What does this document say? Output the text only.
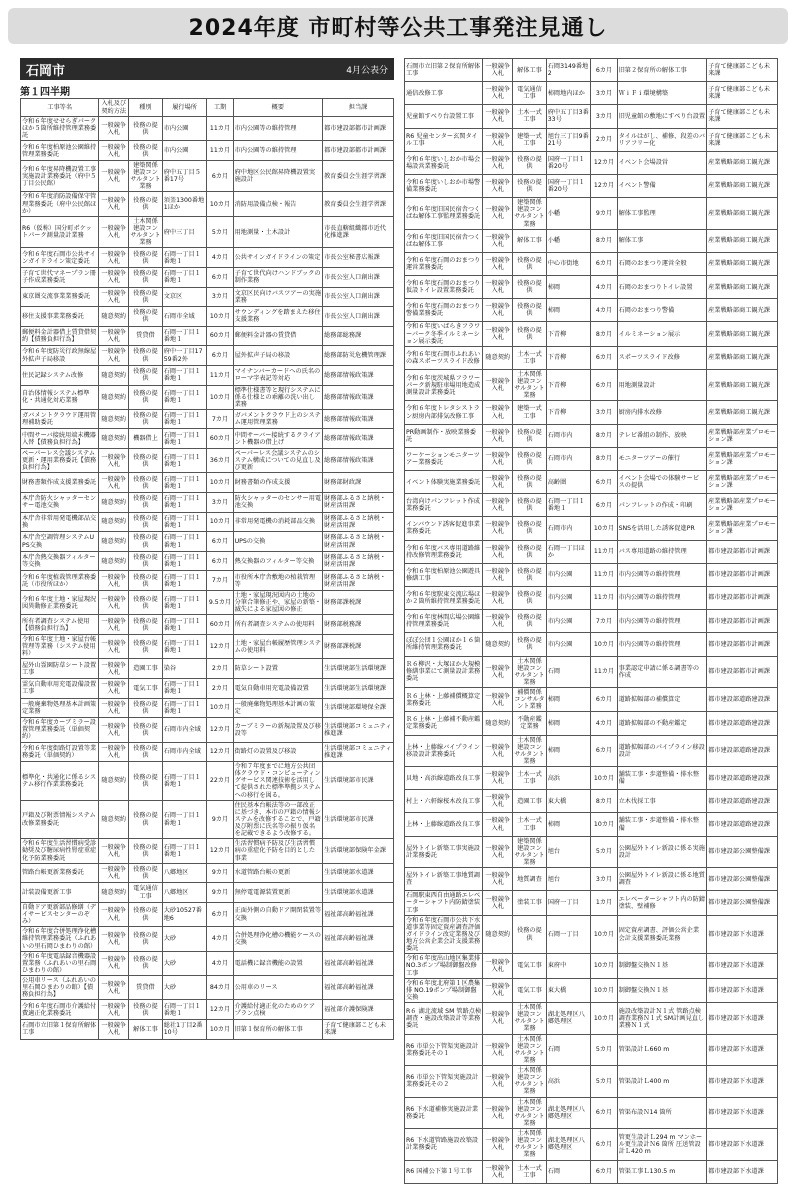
2024年度 市町村等公共工事発注見通し
石岡市	4月公表分
第１四半期
工事等名	入札及び契約方法	種別	履行場所	工期	概要	担当課
令和６年度せせらぎパークほか５箇所維持管理業務委託	一般競争入札	役務の提供	市内公園	11カ月	市内公園等の維持管理	都市建設部都市計画課
令和６年度柏原池公園維持管理業務委託	一般競争入札	役務の提供	市内公園	11カ月	市内公園等の維持管理	都市建設部都市計画課
令和６年度昇降機設置工事実施設計業務委託（府中５丁目公民館）	一般競争入札	建築関係建設コンサルタント業務	府中五丁目５番17号	6カ月	府中地区公民館昇降機設置実施設計	教育委員会生涯学習課
令和６年度消防設備保守管理業務委託（府中公民館ほか）	一般競争入札	役務の提供	須釜1300番地1ほか	10カ月	消防用設備点検・報告	教育委員会生涯学習課
R6（仮称）国分町ポケットパーク測量設計業務	一般競争入札	土木関係建設コンサルタント業務	府中三丁目	5カ月	用地測量・土木設計	市長直轄組織都市近代化推進課
令和６年度石岡市公共サインガイドライン策定委託	一般競争入札	役務の提供	石岡一丁目１番地１	4カ月	公共サインガイドラインの策定	市長公室秘書広報課
子育て世代マネープラン冊子作成業務委託	一般競争入札	役務の提供	石岡一丁目１番地１	6カ月	子育て世代向けハンドブックの制作業務	市長公室人口創出課
東京圏交流事業業務委託	一般競争入札	役務の提供	文京区	3カ月	文京区民向けバスツアーの実施業務	市長公室人口創出課
移住支援事業業務委託	随意契約	役務の提供	石岡市全域	10カ月	サウンディングを踏まえた移住支援業務	市長公室人口創出課
郵便料金計器借上賃貸借契約【債務負担行為】	一般競争入札	賃貸借	石岡一丁目１番地１	60カ月	郵便料金計器の賃貸借	総務部総務課
令和６年度防災行政無線屋外拡声子局移設	一般競争入札	役務の提供	府中一丁目1759番2外	6カ月	屋外拡声子局の移設	総務部防災危機管理課
住民記録システム改修	随意契約	役務の提供	石岡一丁目１番地１	11カ月	マイナンバーカードへの氏名のローマ字表記等対応	総務部情報政策課
自治体情報システム標準化・共通化対応業務	随意契約	役務の提供	石岡一丁目１番地１	10カ月	標準仕様書等と現行システムに係る仕様との乖離の洗い出し業務	総務部情報政策課
ガバメントクラウド運用管理補助委託	随意契約	役務の提供	石岡一丁目１番地１	7カ月	ガバメントクラウド上のシステム運用管理業務	総務部情報政策課
中間サーバ接続用端末機器入替【債務負担行為】	随意契約	機器借上	石岡一丁目１番地１	60カ月	中間サーバー接続するクライアント機器の借上げ	総務部情報政策課
ペーパーレス会議システム更新・運用業務委託【債務負担行為】	一般競争入札	役務の提供	石岡一丁目１番地１	36カ月	ペーパーレス会議システムのシステム構成についての見直し及び更新	総務部情報政策課
財務書類作成支援業務委託	一般競争入札	役務の提供	石岡一丁目１番地１	10カ月	財務書類の作成支援	財務部財政課
本庁舎防火シャッターセンサー電池交換	随意契約	役務の提供	石岡一丁目１番地１	3カ月	防火シャッターのセンサー用電池交換	財務部ふるさと納税・財産活用課
本庁舎非常用発電機部品交換	随意契約	役務の提供	石岡一丁目１番地１	10カ月	非常用発電機の消耗部品交換	財務部ふるさと納税・財産活用課
本庁舎空調管理システムUPS交換	随意契約	役務の提供	石岡一丁目１番地１	6カ月	UPSの交換	財務部ふるさと納税・財産活用課
本庁舎熱交換器フィルター等交換	随意契約	役務の提供	石岡一丁目１番地１	6カ月	熱交換器のフィルター等交換	財務部ふるさと納税・財産活用課
令和６年度植栽管理業務委託（市役所ほか）	一般競争入札	役務の提供	石岡一丁目１番地１	7カ月	市役所本庁舎敷地の植栽管理等	財務部ふるさと納税・財産活用課
令和６年度土地・家屋現況図異動修正業務委託	一般競争入札	役務の提供	石岡一丁目１番地１	9.5カ月	土地・家屋現況図内の土地の分筆合筆修正や、家屋の新築・滅失による家屋図の修正	財務部課税課
所有者調査システム使用【債務負担行為】	一般競争入札	役務の提供	石岡一丁目１番地１	60カ月	所有者調査システムの使用料	財務部税務課
令和６年度土地・家屋台帳管理等業務（システム使用料）	一般競争入札	役務の提供	石岡一丁目１番地１	12カ月	土地・家屋台帳履歴管理システムの使用料	財務部課税課
屋外山霊園防草シート設置工事	一般競争入札	造園工事	染谷	2カ月	防草シート設置	生活環境部生活環境課
霊気自動車用充電設備設置工事	一般競争入札	電気工事	石岡一丁目１番地１	2カ月	電気自動車用充電設備設置	生活環境部生活環境課
一般廃棄物処理基本計画策定業務	一般競争入札	役務の提供	石岡一丁目１番地１	10カ月	一般廃棄物処理基本計画の策定	生活環境部環境保全課
令和６年度カーブミラー設置管理業務委託（単価契約）	一般競争入札	役務の提供	石岡市内全域	12カ月	カーブミラーの新規設置及び移設等	生活環境部コミュニティ推進課
令和６年度街路灯設置等業務委託（単価契約）	一般競争入札	役務の提供	石岡市内全域	12カ月	街路灯の設置及び移設	生活環境部コミュニティ推進課
標準化・共通化に係るシステム移行作業業務委託	随意契約	役務の提供	石岡一丁目１番地１	22カ月	令和７年度までに地方公共団体クラウド・コンピューティングサービス関連技術を活用して提供された標準準拠システムへの移行を図る。	生活環境部市民課
戸籍及び附票情報システム改修業務委託	随意契約	役務の提供	石岡一丁目１番地１	9カ月	住民基本台帳法等の一部改正に基づき、本市の戸籍の情報システムを改修することで、戸籍及び附票に氏名等の振り仮名を記載できるよう改修する。	生活環境部市民課
令和６年度生活習慣病受診勧奨及び糖尿病性腎症重症化予防業務委託	一般競争入札	役務の提供	石岡一丁目１番地１	12カ月	生活習慣病予防及び生活習慣病の重症化予防を目的とした事業	生活環境部保険年金課
管路台帳更新業務委託	一般競争入札	役務の提供	八郷地区	9カ月	水道管路台帳の更新	生活環境部水道課
計装設備更新工事	随意契約	電気通信工事	八郷地区	9カ月	無停電電源装置更新	生活環境部水道課
自動ドア更新部品修繕（デイサービスセンターのぞみ）	一般競争入札	役務の提供	大砂10527番地6	6カ月	正面外側の自動ドア開閉装置等交換	福祉部高齢福祉課
令和６年度合併処理浄化槽維持管理業務委託（ふれあいの里石岡ひまわりの館）	一般競争入札	役務の提供	大砂	4カ月	合併処理浄化槽の機能ケースの交換	福祉部高齢福祉課
令和６年度電話録音機器設置業務（ふれあいの里石岡ひまわりの館）	一般競争入札	役務の提供	大砂	4カ月	電話機に録音機能の設置	福祉部高齢福祉課
公用車リース（ふれあいの里石岡ひまわりの館）【債務負担行為】	一般競争入札	賃貸借	大砂	84カ月	公用車のリース	福祉部高齢福祉課
令和６年度石岡市介護給付費適正化業務委託	一般競争入札	役務の提供	石岡一丁目１番地１	12カ月	介護給付適正化のためのケアプラン点検	福祉部介護保険課
石岡市立旧第１保育所解体工事	一般競争入札	解体工事	総社1丁目2番10号	10カ月	旧第１保育所の解体工事	子育て健康部こども未来課
石岡市立旧第２保育所解体工事	一般競争入札	解体工事	石岡3149番地2	6カ月	旧第２保育所の解体工事	子育て健康部こども未来課
通信改修工事	一般競争入札	電気通信工事	柿岡地内ほか	3カ月	ＷｉＦｉ環境構築	子育て健康部こども未来課
児童館すべり台設置工事	一般競争入札	土木一式工事	府中五丁目3番33号	3カ月	旧児童館の敷地にすべり台設置	子育て健康部こども未来課
R6 児童センター玄関タイル工事	一般競争入札	建築一式工事	旭台三丁目9番21号	2カ月	タイルはがし、補修、段差のバリアフリー化	子育て健康部こども未来課
令和６年度いしおか市場会場設営業務委託	一般競争入札	役務の提供	国府一丁目１番20号	12カ月	イベント会場設営	産業戦略部商工観光課
令和６年度いしおか市場警備業務委託	一般競争入札	役務の提供	国府一丁目１番20号	12カ月	イベント警備	産業戦略部商工観光課
令和６年度旧国民宿舎つくばね解体工事監理業務委託	一般競争入札	建築関係建設コンサルタント業務	小幡	9カ月	解体工事監理	産業戦略部商工観光課
令和６年度旧国民宿舎つくばね解体工事	一般競争入札	解体工事	小幡	8カ月	解体工事	産業戦略部商工観光課
令和６年度石岡のおまつり運営業務委託	一般競争入札	役務の提供	中心市街地	6カ月	石岡のおまつり運営全般	産業戦略部商工観光課
令和６年度石岡のおまつり仮設トイレ設置業務委託	一般競争入札	役務の提供	柿岡	4カ月	石岡のおまつりトイレ設置	産業戦略部商工観光課
令和６年度石岡のおまつり警備業務委託	一般競争入札	役務の提供	柿岡	4カ月	石岡のおまつり警備	産業戦略部商工観光課
令和６年度いばらきフラワーパーク冬季イルミネーション展示委託	一般競争入札	役務の提供	下青柳	8カ月	イルミネーション展示	産業戦略部商工観光課
令和６年度石岡市ふれあいの森スポーツスライド改修	随意契約	土木一式工事	下青柳	6カ月	スポーツスライド改修	産業戦略部商工観光課
令和６年度茨城県フラワーパーク新規駐車場用地造成測量設計業務委託	一般競争入札	土木関係建設コンサルタント業務	下青柳	6カ月	用地測量設計	産業戦略部商工観光課
令和６年度トレタシストラン厨房内部排気改修工事	一般競争入札	建築一式工事	下青柳	3カ月	厨房内排水改修	産業戦略部商工観光課
PR動画制作・放映業務委託	一般競争入札	役務の提供	石岡市内	8カ月	テレビ番組の制作、放映	産業戦略部産業プロモーション課
ワーケーションモニターツアー業務委託	一般競争入札	役務の提供	石岡市内	8カ月	モニターツアーの催行	産業戦略部産業プロモーション課
イベント体験実施業務委託	一般競争入札	役務の提供	高齢圏	6カ月	イベント会場での体験サービスの提供	産業戦略部産業プロモーション課
台湾向けパンフレット作成業務委託	一般競争入札	役務の提供	石岡一丁目１番地１	6カ月	パンフレットの作成・印刷	産業戦略部産業プロモーション課
インバウンド誘客促進事業業務委託	一般競争入札	役務の提供	石岡市内	10カ月	SNSを活用した誘客促進PR	産業戦略部産業プロモーション課
令和６年度バス専用道路維持改修管理業務委託	一般競争入札	役務の提供	石岡一丁目ほか	11カ月	バス専用道路の維持管理	都市建設部都市計画課
令和６年度柏原池公園遊具修繕工事	一般競争入札	役務の提供	市内公園	11カ月	市内公園等の維持管理	都市建設部都市計画課
令和６年度駅東交流広場ほか２箇所維持管理業務委託	一般競争入札	役務の提供	市内公園	11カ月	市内公園等の維持管理	都市建設部都市計画課
令和６年度林間広場公園維持管理業務委託	一般競争入札	役務の提供	市内公園	7カ月	市内公園等の維持管理	都市建設部都市計画課
ぽぽ公団１公園ほか１６箇所維持管理業務委託	随意契約	役務の提供	市内公園	10カ月	市内公園等の維持管理	都市建設部都市計画課
Ｒ６柳沢・大塚ほか大規模修繕事業にて測量設計業務委託	一般競争入札	土木関係建設コンサルタント業務	石岡	11カ月	事業認定申請に係る調書等の作成	都市建設部都市計画課
Ｒ６上林・上藤補償概算定業務委託	一般競争入札	補償関係コンサルタント業務	柿岡	6カ月	道路拡幅部の補償算定	都市建設部道路建設課
Ｒ６上林・上藤補不動産鑑定業務委託	随意契約	不動産鑑定業務	柿岡	4カ月	道路拡幅部の不動産鑑定	都市建設部道路建設課
上林・上藤線バイプライン移設設計業務委託	一般競争入札	土木関係建設コンサルタント業務	柿岡	6カ月	道路拡幅部のパイプライン移設設計	都市建設部道路建設課
貝地・高浜線道路改良工事	一般競争入札	土木一式工事	高浜	10カ月	舗装工事・歩道整備・排水整備	都市建設部道路建設課
村上・六軒線桜木改良工事	一般競争入札	造園工事	東大橋	8カ月	立木伐採工事	都市建設部道路建設課
上林・上藤線道路改良工事	一般競争入札	土木一式工事	柿岡	10カ月	舗装工事・歩道整備・排水整備	都市建設部道路建設課
屋外トイレ新築工事実施設計業務委託	一般競争入札	建築関係建設コンサルタント業務	旭台	5カ月	公園屋外トイレ新設に係る実施設計	都市建設部公園整備課
屋外トイレ新築工事地質調査	一般競争入札	地質調査	旭台	3カ月	公園屋外トイレ新設に係る地質調査	都市建設部公園整備課
石岡駅東西自由通路エレベーターシャフト内防錆塗装工事	一般競争入札	塗装工事	国府一丁目	1カ月	エレベーターシャフト内の防錆塗装、壁補修	都市建設部公園整備課
令和６年度石岡市公共下水道事業等固定資産調査評価ガイドライン改定業務及び地方公営企業会計支援業務委託	随意契約	役務の提供	石岡一丁目	10カ月	固定資産調書、評価公営企業会計支援業務委託業務	都市建設部下水道課
令和６年度出山地区集業排 NO.3ポンプ場制御盤改修工事	一般競争入札	電気工事	東府中	10カ月	制御盤交換Ｎ１基	都市建設部下水道課
令和６年度北府第１区農集排 NO.19ポンプ場制御盤交換	一般競争入札	電気工事	東大橋	10カ月	制御盤交換Ｎ１基	都市建設部下水道課
R６ 湖北流域 SM 管路点検調査・施設改築設計等業務委託	一般競争入札	土木関係建設コンサルタント業務	湖北処理区八郷処理区	10カ月	施設改築設計Ｎ１式 管路点検調査業務Ｎ１式 SM計画見直し業務Ｎ１式	都市建設部下水道課
R6 市単公下管渠実施設計業務委託その１	一般競争入札	土木関係建設コンサルタント業務	石岡	5カ月	管渠設計Ｌ660 m	都市建設部下水道課
R6 市単公下管渠実施設計業務委託その２	一般競争入札	土木関係建設コンサルタント業務	高浜	5カ月	管渠設計Ｌ400 m	都市建設部下水道課
R6 下水道補修実施設計業務委託	一般競争入札	土木関係建設コンサルタント業務	湖北処理区八郷処理区	6カ月	管渠布設Ｎ14 箇所	都市建設部下水道課
R6 下水道管路施設改築設計業務委託	一般競争入札	土木関係建設コンサルタント業務	湖北処理区八郷処理区	6カ月	管更生設計Ｌ294 m マンホール更生設計Ｎ6 箇所 圧送管設計Ｌ420 m	都市建設部下水道課
R6 国補公下第１号工事	一般競争入札	土木一式工事	石岡	6カ月	管渠工事Ｌ130.5 m	都市建設部下水道課
